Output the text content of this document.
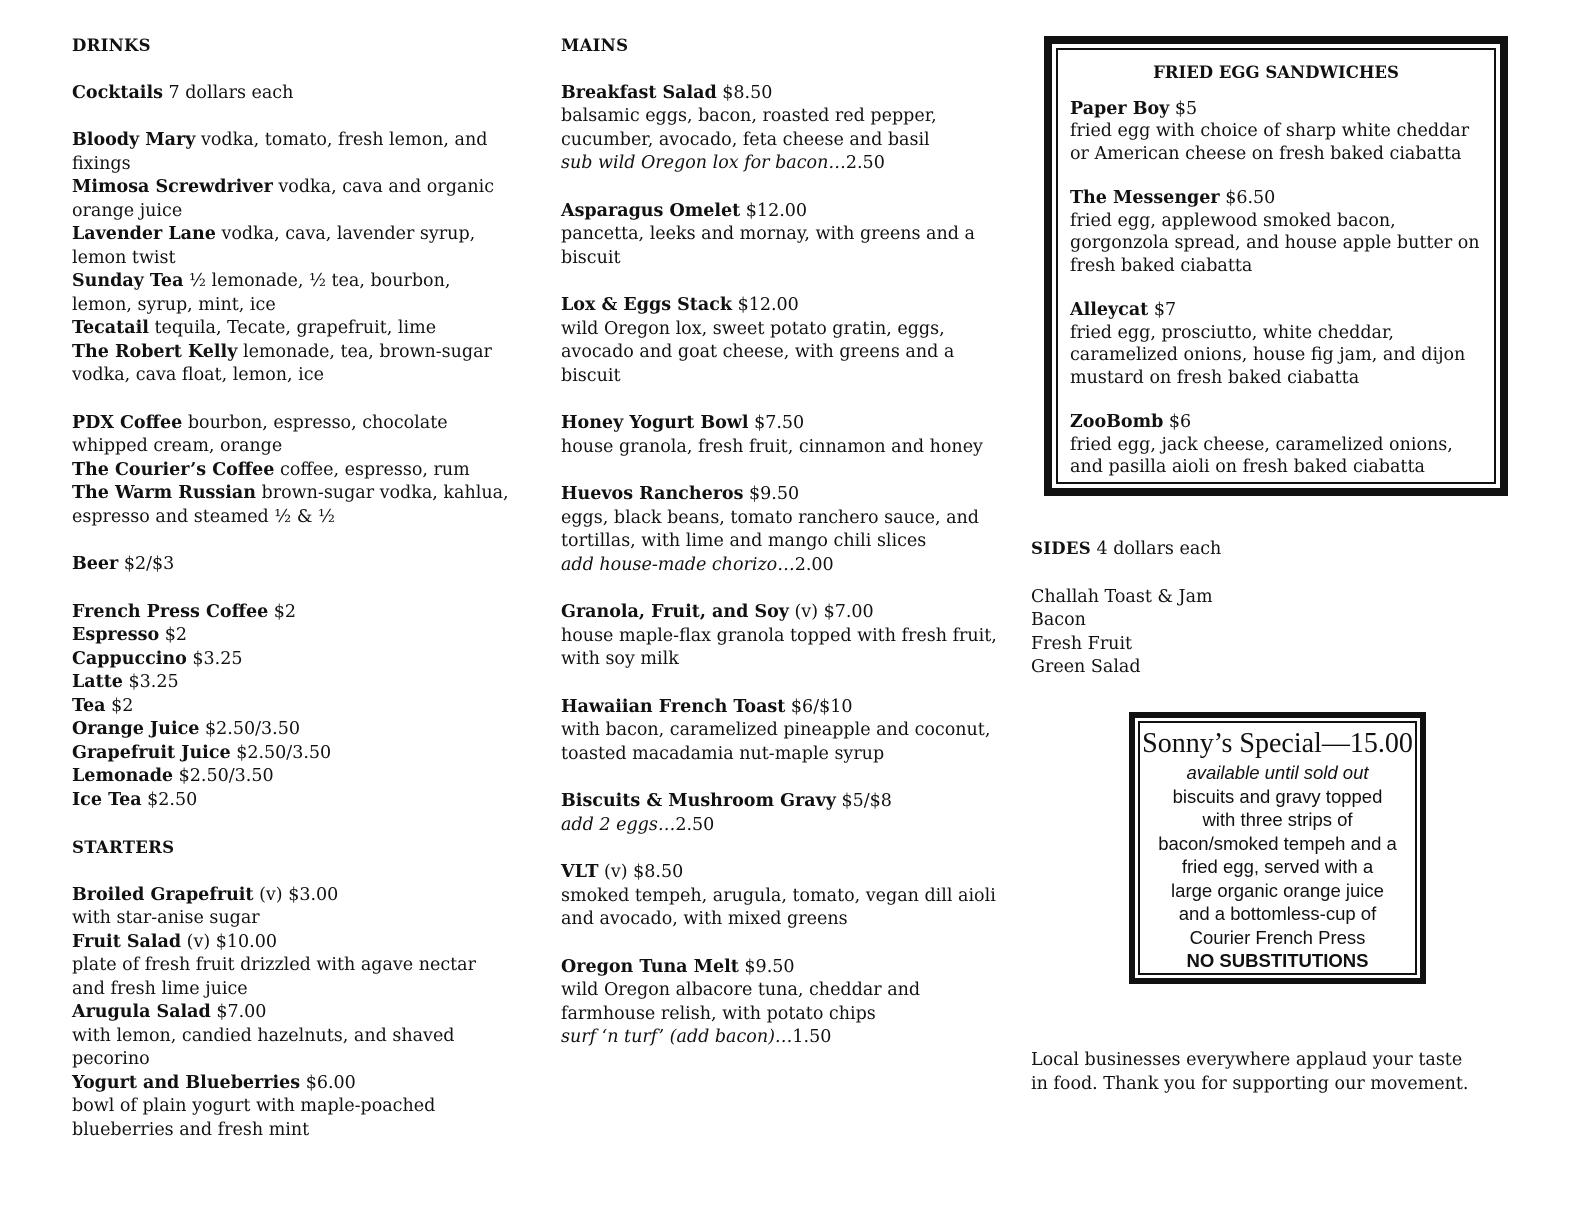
DRINKS
Cocktails 7 dollars each
Bloody Mary vodka, tomato, fresh lemon, and fixings
Mimosa Screwdriver vodka, cava and organic orange juice
Lavender Lane vodka, cava, lavender syrup, lemon twist
Sunday Tea ½ lemonade, ½ tea, bourbon, lemon, syrup, mint, ice
Tecatail tequila, Tecate, grapefruit, lime
The Robert Kelly lemonade, tea, brown-sugar vodka, cava float, lemon, ice
PDX Coffee bourbon, espresso, chocolate whipped cream, orange
The Courier’s Coffee coffee, espresso, rum
The Warm Russian brown-sugar vodka, kahlua, espresso and steamed ½ & ½
Beer $2/$3
French Press Coffee $2
Espresso $2
Cappuccino $3.25
Latte $3.25
Tea $2
Orange Juice $2.50/3.50
Grapefruit Juice $2.50/3.50
Lemonade $2.50/3.50
Ice Tea $2.50
STARTERS
Broiled Grapefruit (v) $3.00
with star-anise sugar
Fruit Salad (v) $10.00
plate of fresh fruit drizzled with agave nectar and fresh lime juice
Arugula Salad $7.00
with lemon, candied hazelnuts, and shaved pecorino
Yogurt and Blueberries $6.00
bowl of plain yogurt with maple-poached blueberries and fresh mint
MAINS
Breakfast Salad $8.50
balsamic eggs, bacon, roasted red pepper, cucumber, avocado, feta cheese and basil
sub wild Oregon lox for bacon…2.50
Asparagus Omelet $12.00
pancetta, leeks and mornay, with greens and a biscuit
Lox & Eggs Stack $12.00
wild Oregon lox, sweet potato gratin, eggs, avocado and goat cheese, with greens and a biscuit
Honey Yogurt Bowl $7.50
house granola, fresh fruit, cinnamon and honey
Huevos Rancheros $9.50
eggs, black beans, tomato ranchero sauce, and tortillas, with lime and mango chili slices
add house-made chorizo…2.00
Granola, Fruit, and Soy (v) $7.00
house maple-flax granola topped with fresh fruit, with soy milk
Hawaiian French Toast $6/$10
with bacon, caramelized pineapple and coconut, toasted macadamia nut-maple syrup
Biscuits & Mushroom Gravy $5/$8
add 2 eggs…2.50
VLT (v) $8.50
smoked tempeh, arugula, tomato, vegan dill aioli and avocado, with mixed greens
Oregon Tuna Melt $9.50
wild Oregon albacore tuna, cheddar and farmhouse relish, with potato chips
surf ‘n turf’ (add bacon)…1.50
FRIED EGG SANDWICHES
Paper Boy $5
fried egg with choice of sharp white cheddar or American cheese on fresh baked ciabatta
The Messenger $6.50
fried egg, applewood smoked bacon, gorgonzola spread, and house apple butter on fresh baked ciabatta
Alleycat $7
fried egg, prosciutto, white cheddar, caramelized onions, house fig jam, and dijon mustard on fresh baked ciabatta
ZooBomb $6
fried egg, jack cheese, caramelized onions, and pasilla aioli on fresh baked ciabatta
SIDES 4 dollars each
Challah Toast & Jam
Bacon
Fresh Fruit
Green Salad
Sonny’s Special—15.00
available until sold out
biscuits and gravy topped
with three strips of
bacon/smoked tempeh and a
fried egg, served with a
large organic orange juice
and a bottomless-cup of
Courier French Press
NO SUBSTITUTIONS
Local businesses everywhere applaud your taste in food. Thank you for supporting our movement.
